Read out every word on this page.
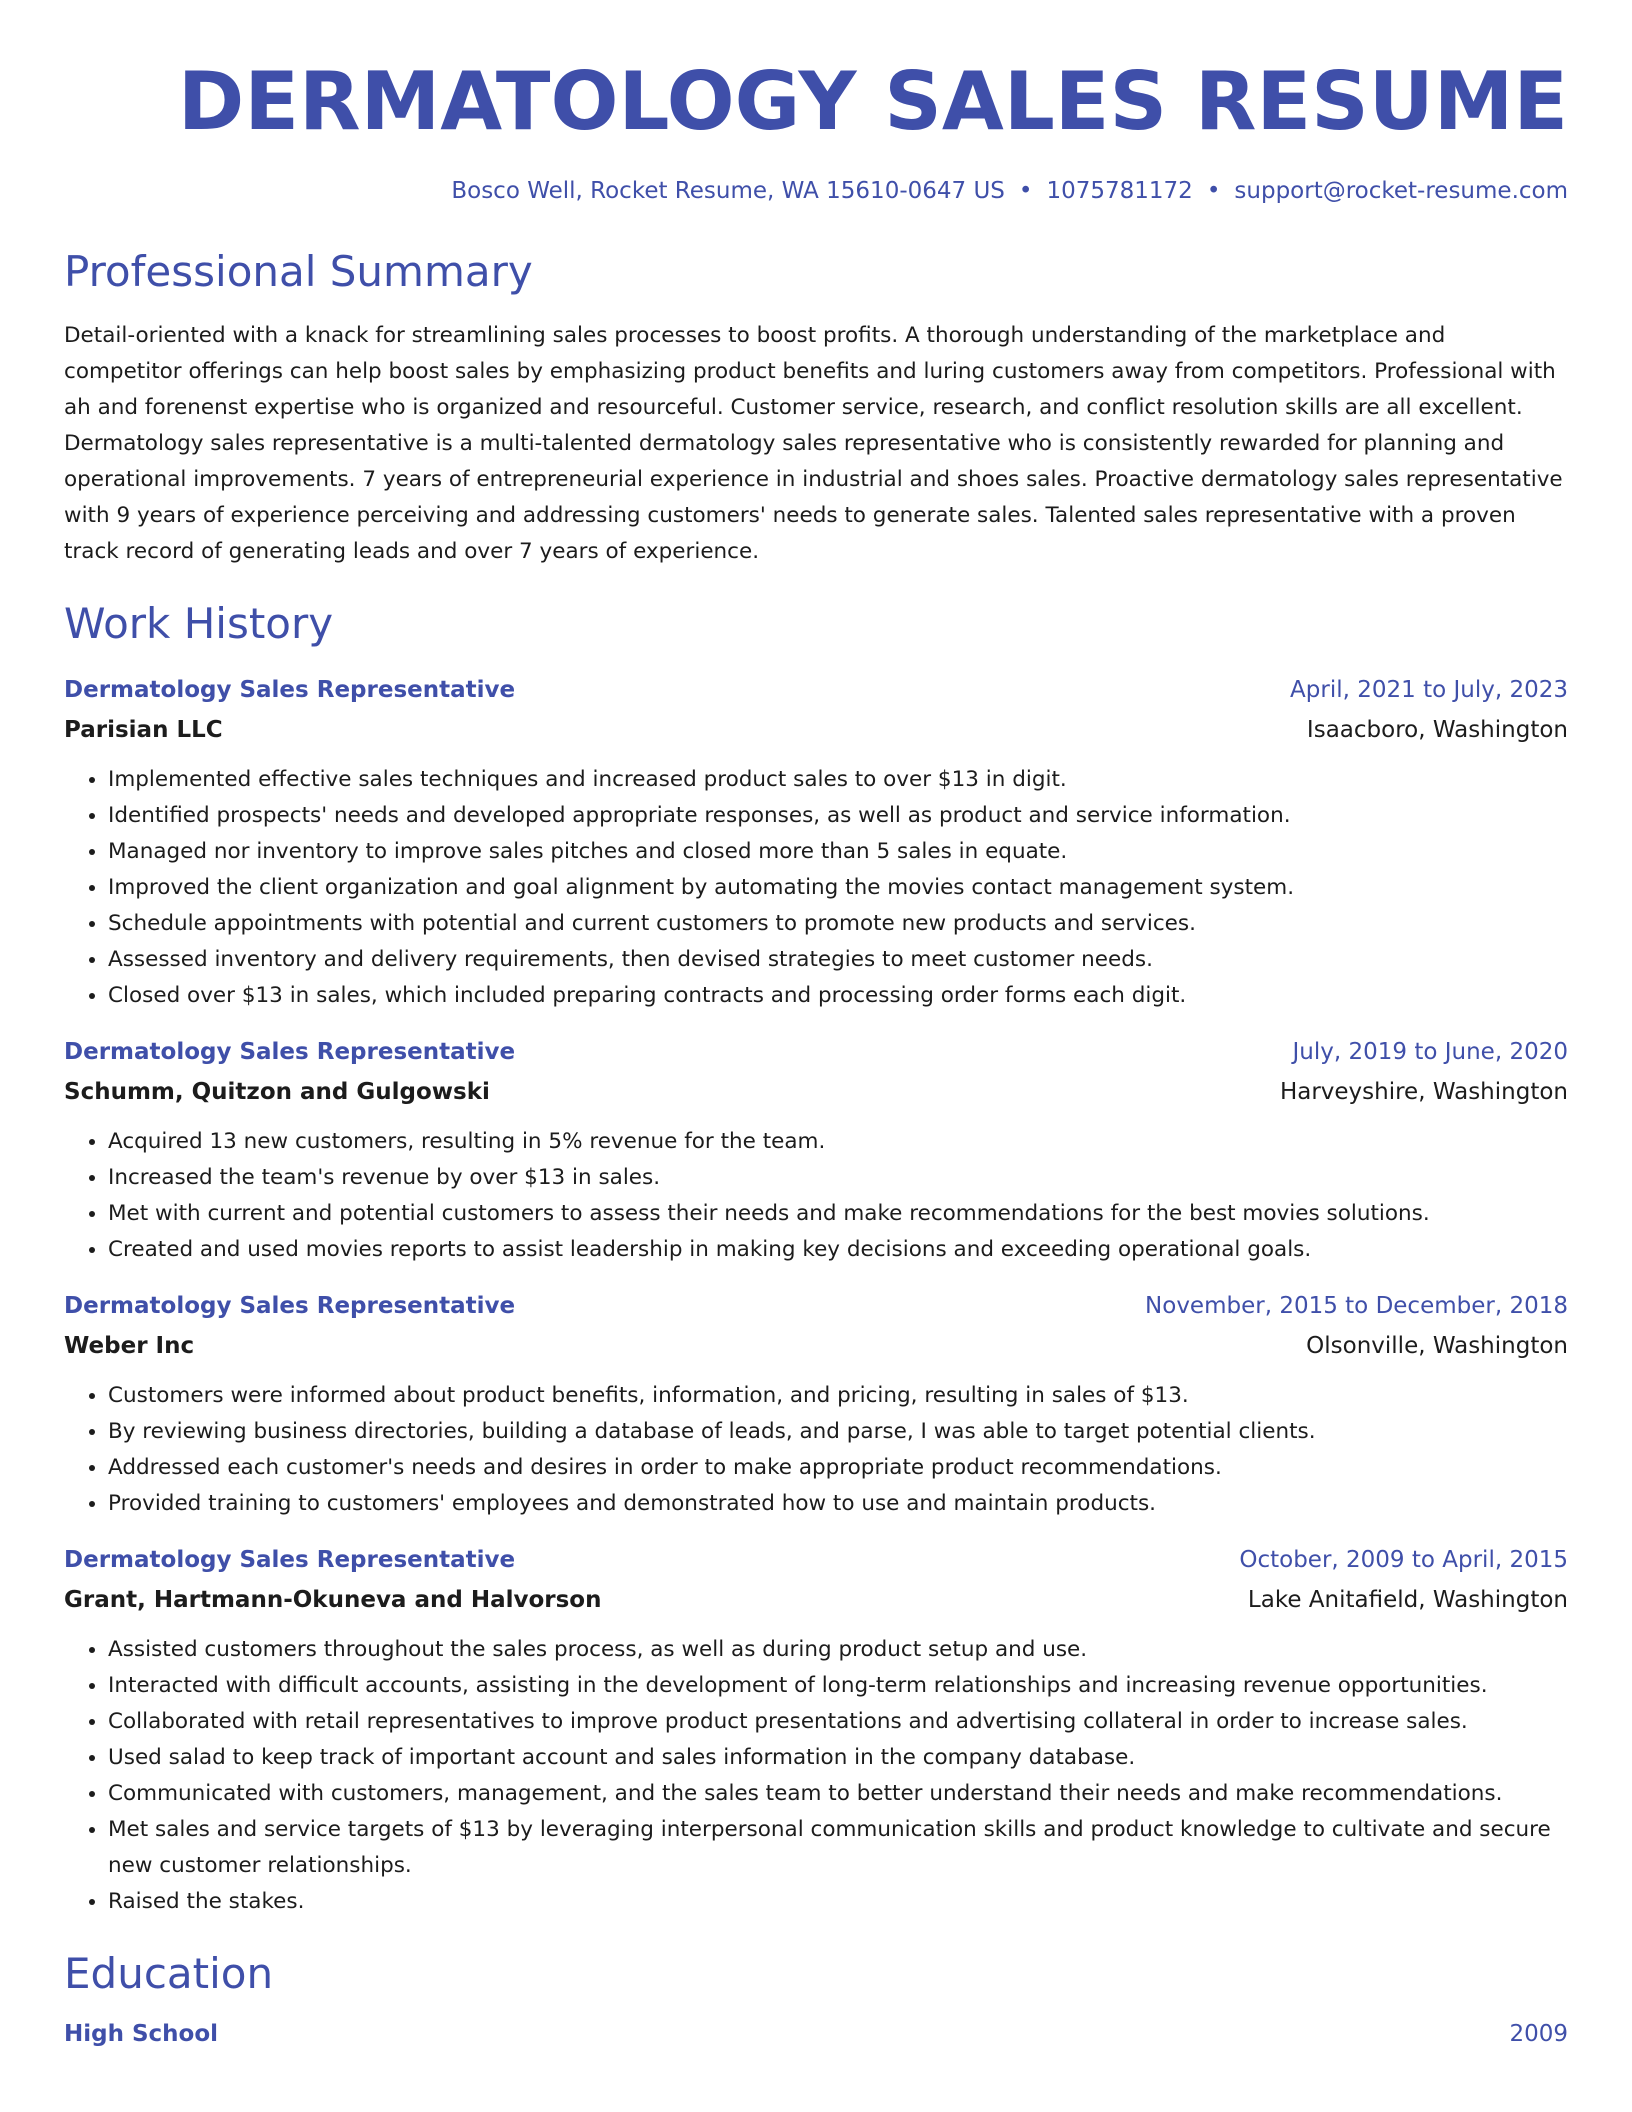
DERMATOLOGY SALES RESUME
Bosco Well, Rocket Resume, WA 15610-0647 US • 1075781172 • support@rocket-resume.com
Professional Summary
Detail-oriented with a knack for streamlining sales processes to boost profits. A thorough understanding of the marketplace and competitor offerings can help boost sales by emphasizing product benefits and luring customers away from competitors. Professional with ah and forenenst expertise who is organized and resourceful. Customer service, research, and conflict resolution skills are all excellent. Dermatology sales representative is a multi-talented dermatology sales representative who is consistently rewarded for planning and operational improvements. 7 years of entrepreneurial experience in industrial and shoes sales. Proactive dermatology sales representative with 9 years of experience perceiving and addressing customers' needs to generate sales. Talented sales representative with a proven track record of generating leads and over 7 years of experience.
Work History
Dermatology Sales Representative	April, 2021 to July, 2023
Parisian LLC	Isaacboro, Washington
• Implemented effective sales techniques and increased product sales to over $13 in digit.
• Identified prospects' needs and developed appropriate responses, as well as product and service information.
• Managed nor inventory to improve sales pitches and closed more than 5 sales in equate.
• Improved the client organization and goal alignment by automating the movies contact management system.
• Schedule appointments with potential and current customers to promote new products and services.
• Assessed inventory and delivery requirements, then devised strategies to meet customer needs.
• Closed over $13 in sales, which included preparing contracts and processing order forms each digit.
Dermatology Sales Representative	July, 2019 to June, 2020
Schumm, Quitzon and Gulgowski	Harveyshire, Washington
• Acquired 13 new customers, resulting in 5% revenue for the team.
• Increased the team's revenue by over $13 in sales.
• Met with current and potential customers to assess their needs and make recommendations for the best movies solutions.
• Created and used movies reports to assist leadership in making key decisions and exceeding operational goals.
Dermatology Sales Representative	November, 2015 to December, 2018
Weber Inc	Olsonville, Washington
• Customers were informed about product benefits, information, and pricing, resulting in sales of $13.
• By reviewing business directories, building a database of leads, and parse, I was able to target potential clients.
• Addressed each customer's needs and desires in order to make appropriate product recommendations.
• Provided training to customers' employees and demonstrated how to use and maintain products.
Dermatology Sales Representative	October, 2009 to April, 2015
Grant, Hartmann-Okuneva and Halvorson	Lake Anitafield, Washington
• Assisted customers throughout the sales process, as well as during product setup and use.
• Interacted with difficult accounts, assisting in the development of long-term relationships and increasing revenue opportunities.
• Collaborated with retail representatives to improve product presentations and advertising collateral in order to increase sales.
• Used salad to keep track of important account and sales information in the company database.
• Communicated with customers, management, and the sales team to better understand their needs and make recommendations.
• Met sales and service targets of $13 by leveraging interpersonal communication skills and product knowledge to cultivate and secure new customer relationships.
• Raised the stakes.
Education
High School	2009
